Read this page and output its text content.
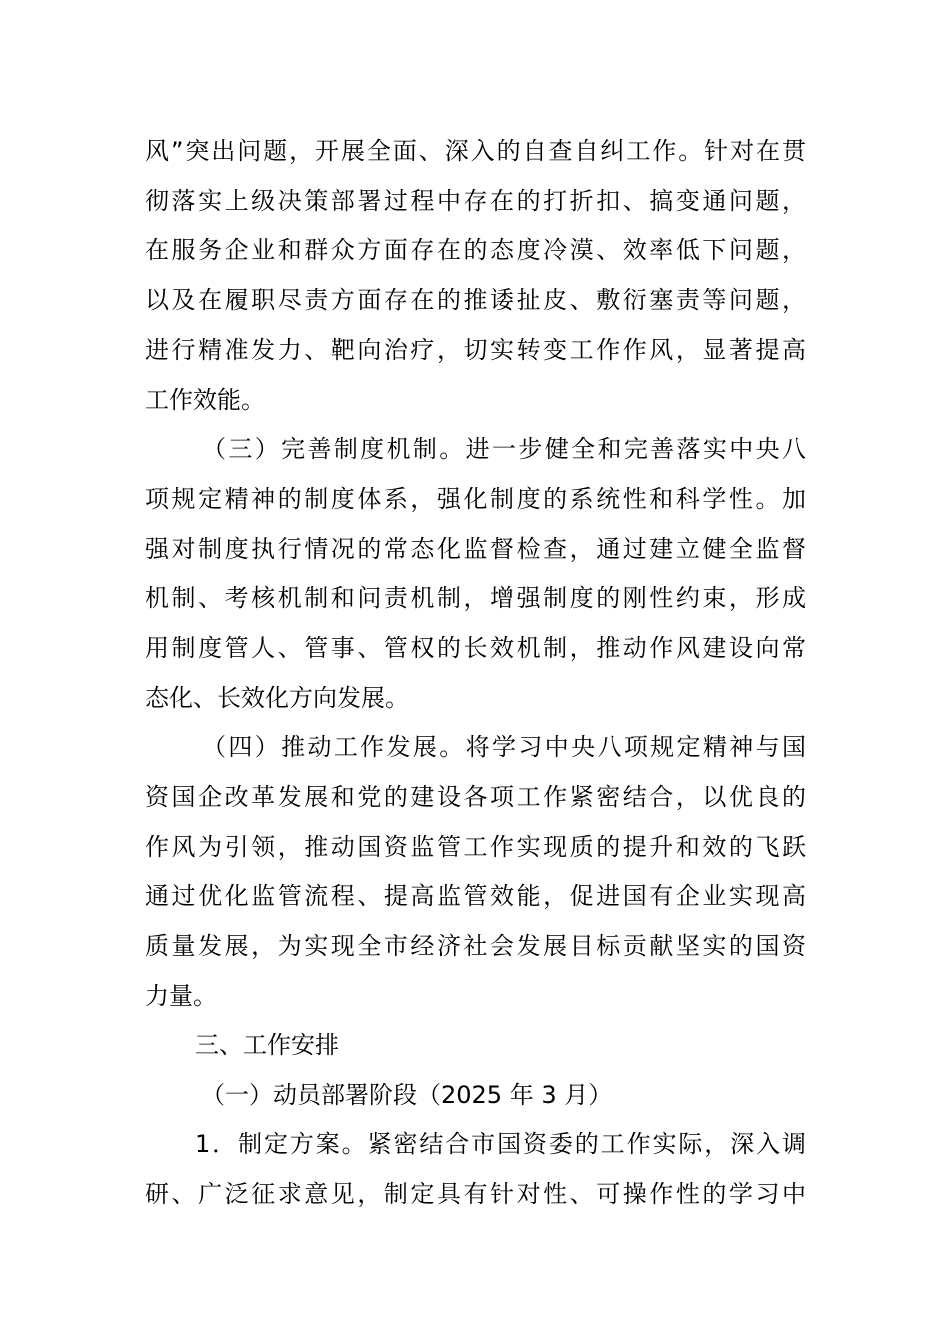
风”突出问题，开展全面、深入的自查自纠工作。针对在贯
彻落实上级决策部署过程中存在的打折扣、搞变通问题，
在服务企业和群众方面存在的态度冷漠、效率低下问题，
以及在履职尽责方面存在的推诿扯皮、敷衍塞责等问题，
进行精准发力、靶向治疗，切实转变工作作风，显著提高
工作效能。
（三）完善制度机制。进一步健全和完善落实中央八
项规定精神的制度体系，强化制度的系统性和科学性。加
强对制度执行情况的常态化监督检查，通过建立健全监督
机制、考核机制和问责机制，增强制度的刚性约束，形成
用制度管人、管事、管权的长效机制，推动作风建设向常
态化、长效化方向发展。
（四）推动工作发展。将学习中央八项规定精神与国
资国企改革发展和党的建设各项工作紧密结合，以优良的
作风为引领，推动国资监管工作实现质的提升和效的飞跃
通过优化监管流程、提高监管效能，促进国有企业实现高
质量发展，为实现全市经济社会发展目标贡献坚实的国资
力量。
三、工作安排
（一）动员部署阶段（2025 年 3 月）
1．制定方案。紧密结合市国资委的工作实际，深入调
研、广泛征求意见，制定具有针对性、可操作性的学习中
